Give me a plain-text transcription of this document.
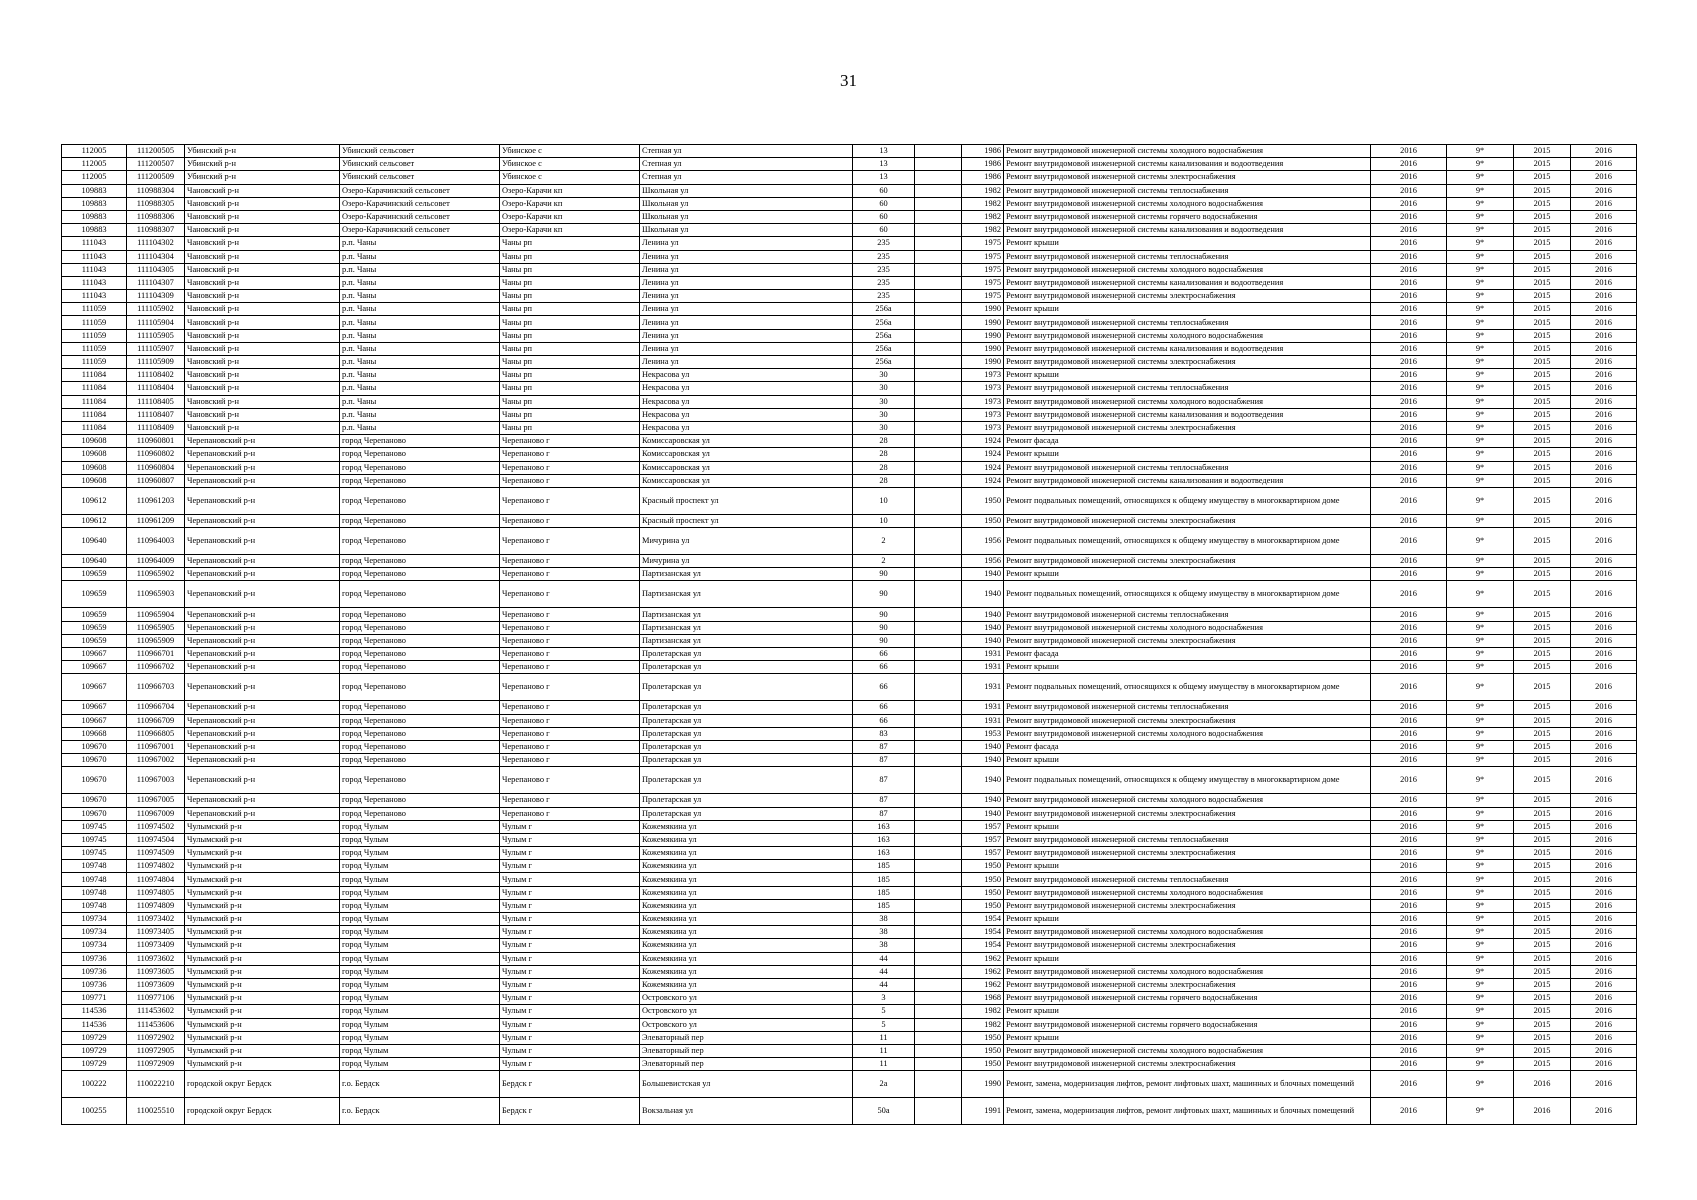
31
112005	111200505	Убинский р-н	Убинский сельсовет	Убинское с	Степная ул	13		1986	Ремонт внутридомовой инженерной системы холодного водоснабжения	2016	9*	2015	2016
112005	111200507	Убинский р-н	Убинский сельсовет	Убинское с	Степная ул	13		1986	Ремонт внутридомовой инженерной системы канализования и водоотведения	2016	9*	2015	2016
112005	111200509	Убинский р-н	Убинский сельсовет	Убинское с	Степная ул	13		1986	Ремонт внутридомовой инженерной системы электроснабжения	2016	9*	2015	2016
109883	110988304	Чановский р-н	Озеро-Карачинский сельсовет	Озеро-Карачи кп	Школьная ул	60		1982	Ремонт внутридомовой инженерной системы теплоснабжения	2016	9*	2015	2016
109883	110988305	Чановский р-н	Озеро-Карачинский сельсовет	Озеро-Карачи кп	Школьная ул	60		1982	Ремонт внутридомовой инженерной системы холодного водоснабжения	2016	9*	2015	2016
109883	110988306	Чановский р-н	Озеро-Карачинский сельсовет	Озеро-Карачи кп	Школьная ул	60		1982	Ремонт внутридомовой инженерной системы горячего водоснабжения	2016	9*	2015	2016
109883	110988307	Чановский р-н	Озеро-Карачинский сельсовет	Озеро-Карачи кп	Школьная ул	60		1982	Ремонт внутридомовой инженерной системы канализования и водоотведения	2016	9*	2015	2016
111043	111104302	Чановский р-н	р.п. Чаны	Чаны рп	Ленина ул	235		1975	Ремонт крыши	2016	9*	2015	2016
111043	111104304	Чановский р-н	р.п. Чаны	Чаны рп	Ленина ул	235		1975	Ремонт внутридомовой инженерной системы теплоснабжения	2016	9*	2015	2016
111043	111104305	Чановский р-н	р.п. Чаны	Чаны рп	Ленина ул	235		1975	Ремонт внутридомовой инженерной системы холодного водоснабжения	2016	9*	2015	2016
111043	111104307	Чановский р-н	р.п. Чаны	Чаны рп	Ленина ул	235		1975	Ремонт внутридомовой инженерной системы канализования и водоотведения	2016	9*	2015	2016
111043	111104309	Чановский р-н	р.п. Чаны	Чаны рп	Ленина ул	235		1975	Ремонт внутридомовой инженерной системы электроснабжения	2016	9*	2015	2016
111059	111105902	Чановский р-н	р.п. Чаны	Чаны рп	Ленина ул	256а		1990	Ремонт крыши	2016	9*	2015	2016
111059	111105904	Чановский р-н	р.п. Чаны	Чаны рп	Ленина ул	256а		1990	Ремонт внутридомовой инженерной системы теплоснабжения	2016	9*	2015	2016
111059	111105905	Чановский р-н	р.п. Чаны	Чаны рп	Ленина ул	256а		1990	Ремонт внутридомовой инженерной системы холодного водоснабжения	2016	9*	2015	2016
111059	111105907	Чановский р-н	р.п. Чаны	Чаны рп	Ленина ул	256а		1990	Ремонт внутридомовой инженерной системы канализования и водоотведения	2016	9*	2015	2016
111059	111105909	Чановский р-н	р.п. Чаны	Чаны рп	Ленина ул	256а		1990	Ремонт внутридомовой инженерной системы электроснабжения	2016	9*	2015	2016
111084	111108402	Чановский р-н	р.п. Чаны	Чаны рп	Некрасова ул	30		1973	Ремонт крыши	2016	9*	2015	2016
111084	111108404	Чановский р-н	р.п. Чаны	Чаны рп	Некрасова ул	30		1973	Ремонт внутридомовой инженерной системы теплоснабжения	2016	9*	2015	2016
111084	111108405	Чановский р-н	р.п. Чаны	Чаны рп	Некрасова ул	30		1973	Ремонт внутридомовой инженерной системы холодного водоснабжения	2016	9*	2015	2016
111084	111108407	Чановский р-н	р.п. Чаны	Чаны рп	Некрасова ул	30		1973	Ремонт внутридомовой инженерной системы канализования и водоотведения	2016	9*	2015	2016
111084	111108409	Чановский р-н	р.п. Чаны	Чаны рп	Некрасова ул	30		1973	Ремонт внутридомовой инженерной системы электроснабжения	2016	9*	2015	2016
109608	110960801	Черепановский р-н	город Черепаново	Черепаново г	Комиссаровская ул	28		1924	Ремонт фасада	2016	9*	2015	2016
109608	110960802	Черепановский р-н	город Черепаново	Черепаново г	Комиссаровская ул	28		1924	Ремонт крыши	2016	9*	2015	2016
109608	110960804	Черепановский р-н	город Черепаново	Черепаново г	Комиссаровская ул	28		1924	Ремонт внутридомовой инженерной системы теплоснабжения	2016	9*	2015	2016
109608	110960807	Черепановский р-н	город Черепаново	Черепаново г	Комиссаровская ул	28		1924	Ремонт внутридомовой инженерной системы канализования и водоотведения	2016	9*	2015	2016
109612	110961203	Черепановский р-н	город Черепаново	Черепаново г	Красный проспект ул	10		1950	Ремонт подвальных помещений, относящихся к общему имуществу в многоквартирном доме	2016	9*	2015	2016
109612	110961209	Черепановский р-н	город Черепаново	Черепаново г	Красный проспект ул	10		1950	Ремонт внутридомовой инженерной системы электроснабжения	2016	9*	2015	2016
109640	110964003	Черепановский р-н	город Черепаново	Черепаново г	Мичурина ул	2		1956	Ремонт подвальных помещений, относящихся к общему имуществу в многоквартирном доме	2016	9*	2015	2016
109640	110964009	Черепановский р-н	город Черепаново	Черепаново г	Мичурина ул	2		1956	Ремонт внутридомовой инженерной системы электроснабжения	2016	9*	2015	2016
109659	110965902	Черепановский р-н	город Черепаново	Черепаново г	Партизанская ул	90		1940	Ремонт крыши	2016	9*	2015	2016
109659	110965903	Черепановский р-н	город Черепаново	Черепаново г	Партизанская ул	90		1940	Ремонт подвальных помещений, относящихся к общему имуществу в многоквартирном доме	2016	9*	2015	2016
109659	110965904	Черепановский р-н	город Черепаново	Черепаново г	Партизанская ул	90		1940	Ремонт внутридомовой инженерной системы теплоснабжения	2016	9*	2015	2016
109659	110965905	Черепановский р-н	город Черепаново	Черепаново г	Партизанская ул	90		1940	Ремонт внутридомовой инженерной системы холодного водоснабжения	2016	9*	2015	2016
109659	110965909	Черепановский р-н	город Черепаново	Черепаново г	Партизанская ул	90		1940	Ремонт внутридомовой инженерной системы электроснабжения	2016	9*	2015	2016
109667	110966701	Черепановский р-н	город Черепаново	Черепаново г	Пролетарская ул	66		1931	Ремонт фасада	2016	9*	2015	2016
109667	110966702	Черепановский р-н	город Черепаново	Черепаново г	Пролетарская ул	66		1931	Ремонт крыши	2016	9*	2015	2016
109667	110966703	Черепановский р-н	город Черепаново	Черепаново г	Пролетарская ул	66		1931	Ремонт подвальных помещений, относящихся к общему имуществу в многоквартирном доме	2016	9*	2015	2016
109667	110966704	Черепановский р-н	город Черепаново	Черепаново г	Пролетарская ул	66		1931	Ремонт внутридомовой инженерной системы теплоснабжения	2016	9*	2015	2016
109667	110966709	Черепановский р-н	город Черепаново	Черепаново г	Пролетарская ул	66		1931	Ремонт внутридомовой инженерной системы электроснабжения	2016	9*	2015	2016
109668	110966805	Черепановский р-н	город Черепаново	Черепаново г	Пролетарская ул	83		1953	Ремонт внутридомовой инженерной системы холодного водоснабжения	2016	9*	2015	2016
109670	110967001	Черепановский р-н	город Черепаново	Черепаново г	Пролетарская ул	87		1940	Ремонт фасада	2016	9*	2015	2016
109670	110967002	Черепановский р-н	город Черепаново	Черепаново г	Пролетарская ул	87		1940	Ремонт крыши	2016	9*	2015	2016
109670	110967003	Черепановский р-н	город Черепаново	Черепаново г	Пролетарская ул	87		1940	Ремонт подвальных помещений, относящихся к общему имуществу в многоквартирном доме	2016	9*	2015	2016
109670	110967005	Черепановский р-н	город Черепаново	Черепаново г	Пролетарская ул	87		1940	Ремонт внутридомовой инженерной системы холодного водоснабжения	2016	9*	2015	2016
109670	110967009	Черепановский р-н	город Черепаново	Черепаново г	Пролетарская ул	87		1940	Ремонт внутридомовой инженерной системы электроснабжения	2016	9*	2015	2016
109745	110974502	Чулымский р-н	город Чулым	Чулым г	Кожемякина ул	163		1957	Ремонт крыши	2016	9*	2015	2016
109745	110974504	Чулымский р-н	город Чулым	Чулым г	Кожемякина ул	163		1957	Ремонт внутридомовой инженерной системы теплоснабжения	2016	9*	2015	2016
109745	110974509	Чулымский р-н	город Чулым	Чулым г	Кожемякина ул	163		1957	Ремонт внутридомовой инженерной системы электроснабжения	2016	9*	2015	2016
109748	110974802	Чулымский р-н	город Чулым	Чулым г	Кожемякина ул	185		1950	Ремонт крыши	2016	9*	2015	2016
109748	110974804	Чулымский р-н	город Чулым	Чулым г	Кожемякина ул	185		1950	Ремонт внутридомовой инженерной системы теплоснабжения	2016	9*	2015	2016
109748	110974805	Чулымский р-н	город Чулым	Чулым г	Кожемякина ул	185		1950	Ремонт внутридомовой инженерной системы холодного водоснабжения	2016	9*	2015	2016
109748	110974809	Чулымский р-н	город Чулым	Чулым г	Кожемякина ул	185		1950	Ремонт внутридомовой инженерной системы электроснабжения	2016	9*	2015	2016
109734	110973402	Чулымский р-н	город Чулым	Чулым г	Кожемякина ул	38		1954	Ремонт крыши	2016	9*	2015	2016
109734	110973405	Чулымский р-н	город Чулым	Чулым г	Кожемякина ул	38		1954	Ремонт внутридомовой инженерной системы холодного водоснабжения	2016	9*	2015	2016
109734	110973409	Чулымский р-н	город Чулым	Чулым г	Кожемякина ул	38		1954	Ремонт внутридомовой инженерной системы электроснабжения	2016	9*	2015	2016
109736	110973602	Чулымский р-н	город Чулым	Чулым г	Кожемякина ул	44		1962	Ремонт крыши	2016	9*	2015	2016
109736	110973605	Чулымский р-н	город Чулым	Чулым г	Кожемякина ул	44		1962	Ремонт внутридомовой инженерной системы холодного водоснабжения	2016	9*	2015	2016
109736	110973609	Чулымский р-н	город Чулым	Чулым г	Кожемякина ул	44		1962	Ремонт внутридомовой инженерной системы электроснабжения	2016	9*	2015	2016
109771	110977106	Чулымский р-н	город Чулым	Чулым г	Островского ул	3		1968	Ремонт внутридомовой инженерной системы горячего водоснабжения	2016	9*	2015	2016
114536	111453602	Чулымский р-н	город Чулым	Чулым г	Островского ул	5		1982	Ремонт крыши	2016	9*	2015	2016
114536	111453606	Чулымский р-н	город Чулым	Чулым г	Островского ул	5		1982	Ремонт внутридомовой инженерной системы горячего водоснабжения	2016	9*	2015	2016
109729	110972902	Чулымский р-н	город Чулым	Чулым г	Элеваторный пер	11		1950	Ремонт крыши	2016	9*	2015	2016
109729	110972905	Чулымский р-н	город Чулым	Чулым г	Элеваторный пер	11		1950	Ремонт внутридомовой инженерной системы холодного водоснабжения	2016	9*	2015	2016
109729	110972909	Чулымский р-н	город Чулым	Чулым г	Элеваторный пер	11		1950	Ремонт внутридомовой инженерной системы электроснабжения	2016	9*	2015	2016
100222	110022210	городской округ Бердск	г.о. Бердск	Бердск г	Большевистская ул	2а		1990	Ремонт, замена, модернизация лифтов, ремонт лифтовых шахт, машинных и блочных помещений	2016	9*	2016	2016
100255	110025510	городской округ Бердск	г.о. Бердск	Бердск г	Вокзальная ул	50а		1991	Ремонт, замена, модернизация лифтов, ремонт лифтовых шахт, машинных и блочных помещений	2016	9*	2016	2016
